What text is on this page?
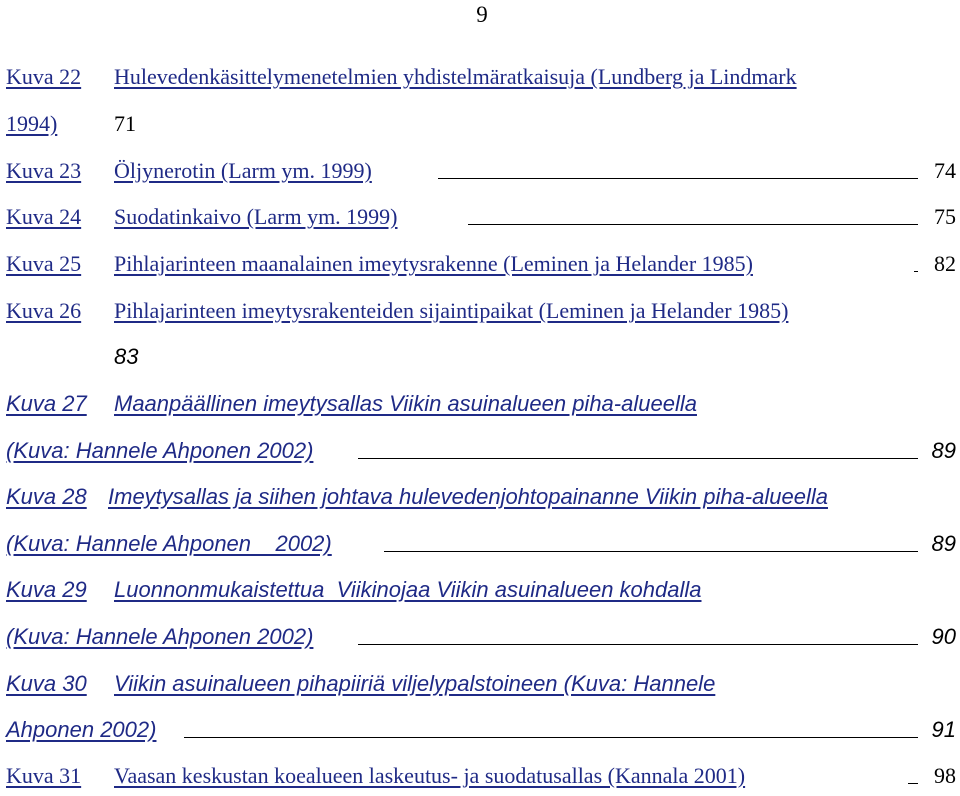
9
Kuva 22 Hulevedenkäsittelymenetelmien yhdistelmäratkaisuja (Lundberg ja Lindmark
1994)	71
Kuva 23 Öljynerotin (Larm ym. 1999)	74
Kuva 24 Suodatinkaivo (Larm ym. 1999)	75
Kuva 25 Pihlajarinteen maanalainen imeytysrakenne (Leminen ja Helander 1985)	82
Kuva 26 Pihlajarinteen imeytysrakenteiden sijaintipaikat (Leminen ja Helander 1985)
83
Kuva 27 Maanpäällinen imeytysallas Viikin asuinalueen piha-alueella
(Kuva: Hannele Ahponen 2002)	89
Kuva 28 Imeytysallas ja siihen johtava hulevedenjohtopainanne Viikin piha-alueella
(Kuva: Hannele Ahponen    2002)	89
Kuva 29 Luonnonmukaistettua  Viikinojaa Viikin asuinalueen kohdalla
(Kuva: Hannele Ahponen 2002)	90
Kuva 30 Viikin asuinalueen pihapiiriä viljelypalstoineen (Kuva: Hannele
Ahponen 2002)	91
Kuva 31 Vaasan keskustan koealueen laskeutus- ja suodatusallas (Kannala 2001)	98
